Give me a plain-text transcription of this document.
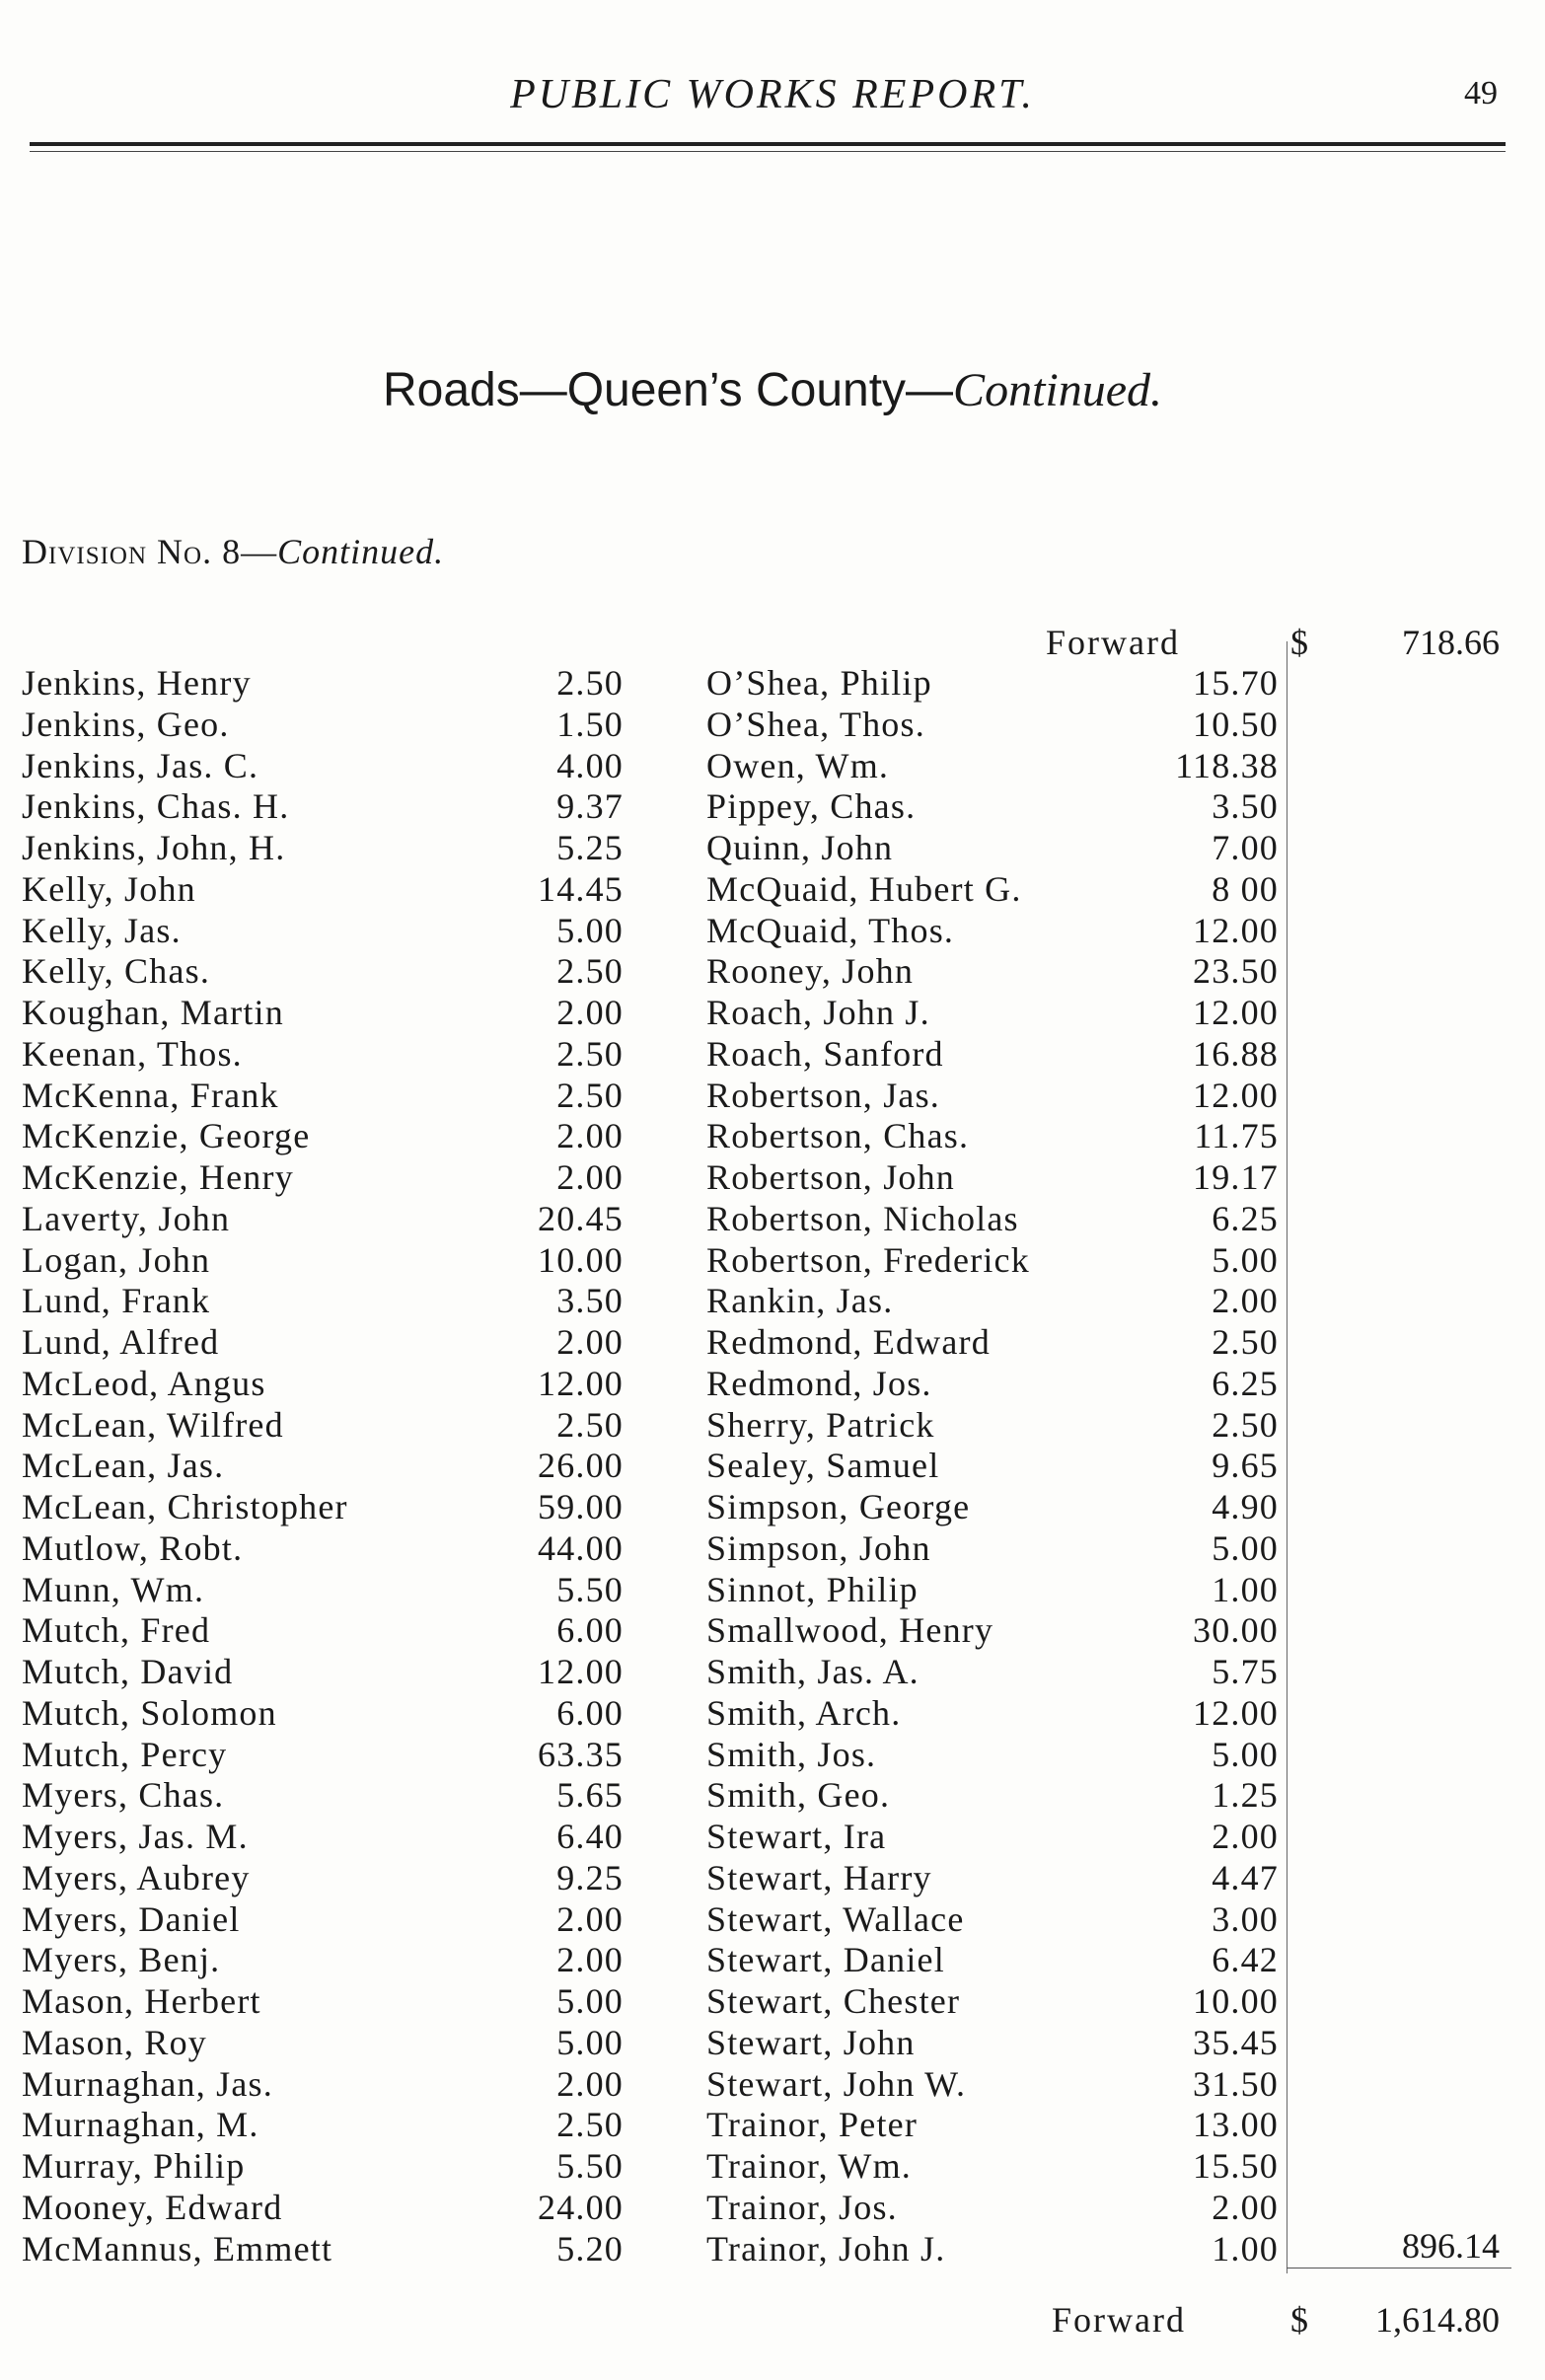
PUBLIC WORKS REPORT.	49
Roads—Queen’s County—Continued.
Division No. 8—Continued.
Forward	$	718.66
Jenkins, Henry	2.50
Jenkins, Geo.	1.50
Jenkins, Jas. C.	4.00
Jenkins, Chas. H.	9.37
Jenkins, John, H.	5.25
Kelly, John	14.45
Kelly, Jas.	5.00
Kelly, Chas.	2.50
Koughan, Martin	2.00
Keenan, Thos.	2.50
McKenna, Frank	2.50
McKenzie, George	2.00
McKenzie, Henry	2.00
Laverty, John	20.45
Logan, John	10.00
Lund, Frank	3.50
Lund, Alfred	2.00
McLeod, Angus	12.00
McLean, Wilfred	2.50
McLean, Jas.	26.00
McLean, Christopher	59.00
Mutlow, Robt.	44.00
Munn, Wm.	5.50
Mutch, Fred	6.00
Mutch, David	12.00
Mutch, Solomon	6.00
Mutch, Percy	63.35
Myers, Chas.	5.65
Myers, Jas. M.	6.40
Myers, Aubrey	9.25
Myers, Daniel	2.00
Myers, Benj.	2.00
Mason, Herbert	5.00
Mason, Roy	5.00
Murnaghan, Jas.	2.00
Murnaghan, M.	2.50
Murray, Philip	5.50
Mooney, Edward	24.00
McMannus, Emmett	5.20
O’Shea, Philip	15.70
O’Shea, Thos.	10.50
Owen, Wm.	118.38
Pippey, Chas.	3.50
Quinn, John	7.00
McQuaid, Hubert G.	8 00
McQuaid, Thos.	12.00
Rooney, John	23.50
Roach, John J.	12.00
Roach, Sanford	16.88
Robertson, Jas.	12.00
Robertson, Chas.	11.75
Robertson, John	19.17
Robertson, Nicholas	6.25
Robertson, Frederick	5.00
Rankin, Jas.	2.00
Redmond, Edward	2.50
Redmond, Jos.	6.25
Sherry, Patrick	2.50
Sealey, Samuel	9.65
Simpson, George	4.90
Simpson, John	5.00
Sinnot, Philip	1.00
Smallwood, Henry	30.00
Smith, Jas. A.	5.75
Smith, Arch.	12.00
Smith, Jos.	5.00
Smith, Geo.	1.25
Stewart, Ira	2.00
Stewart, Harry	4.47
Stewart, Wallace	3.00
Stewart, Daniel	6.42
Stewart, Chester	10.00
Stewart, John	35.45
Stewart, John W.	31.50
Trainor, Peter	13.00
Trainor, Wm.	15.50
Trainor, Jos.	2.00
Trainor, John J.	1.00	896.14
Forward	$	1,614.80
